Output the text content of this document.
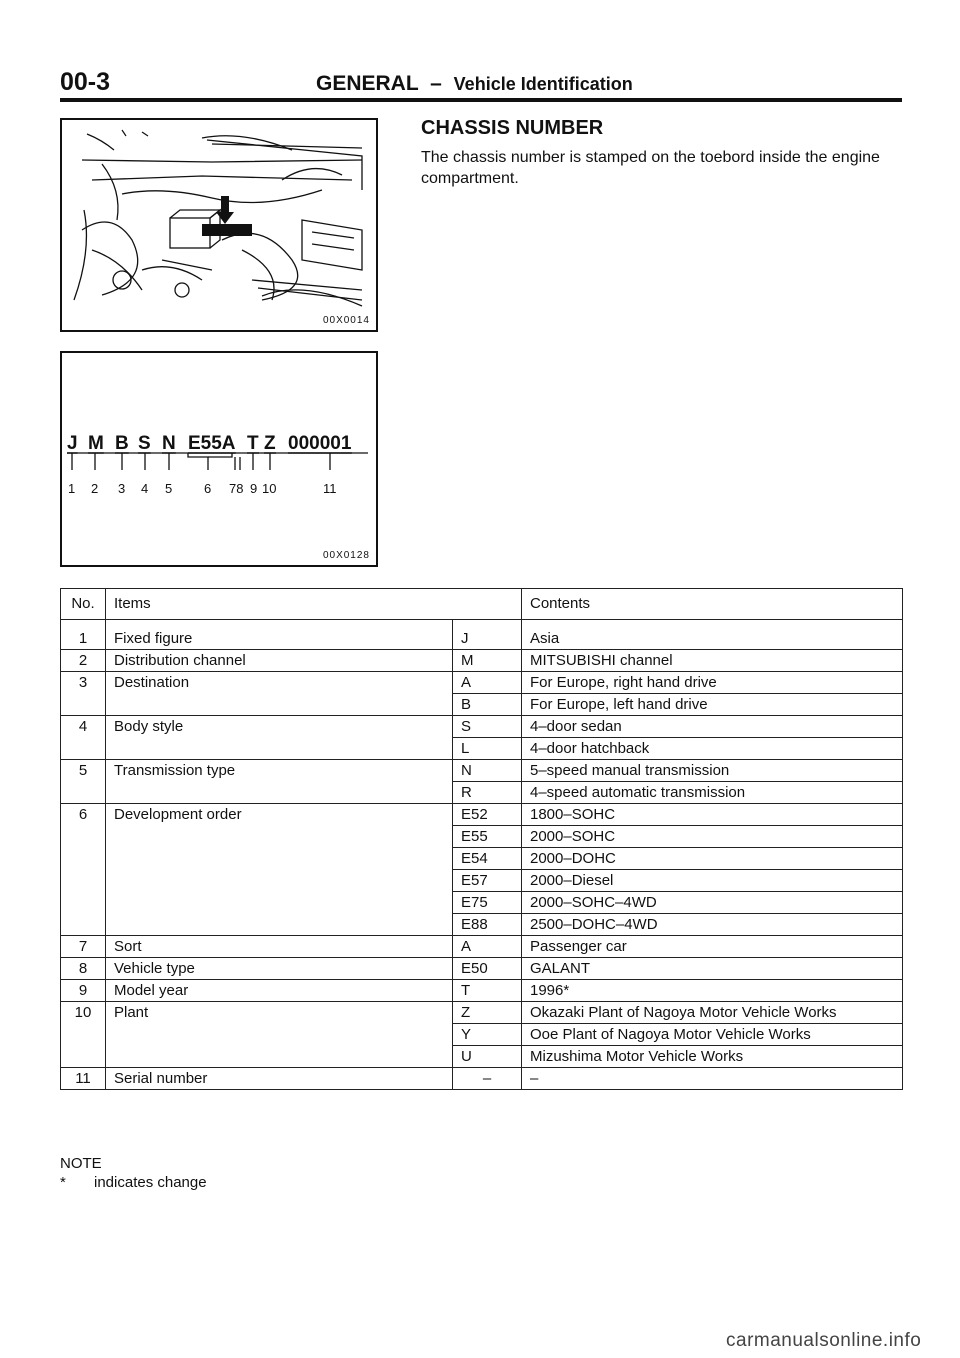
00-3	GENERAL – Vehicle Identification
00X0014
J M B S N E55A T Z 000001
1 2 3 4 5 6 78 9 10	11
00X0128
CHASSIS NUMBER
The chassis number is stamped on the toebord inside the engine compartment.
No.	Items		Contents
1	Fixed figure	J	Asia
2	Distribution channel	M	MITSUBISHI channel
3	Destination	A	For Europe, right hand drive
		B	For Europe, left hand drive
4	Body style	S	4–door sedan
		L	4–door hatchback
5	Transmission type	N	5–speed manual transmission
		R	4–speed automatic transmission
6	Development order	E52	1800–SOHC
		E55	2000–SOHC
		E54	2000–DOHC
		E57	2000–Diesel
		E75	2000–SOHC–4WD
		E88	2500–DOHC–4WD
7	Sort	A	Passenger car
8	Vehicle type	E50	GALANT
9	Model year	T	1996*
10	Plant	Z	Okazaki Plant of Nagoya Motor Vehicle Works
		Y	Ooe Plant of Nagoya Motor Vehicle Works
		U	Mizushima Motor Vehicle Works
11	Serial number	–	–
NOTE
* indicates change
carmanualsonline.info
